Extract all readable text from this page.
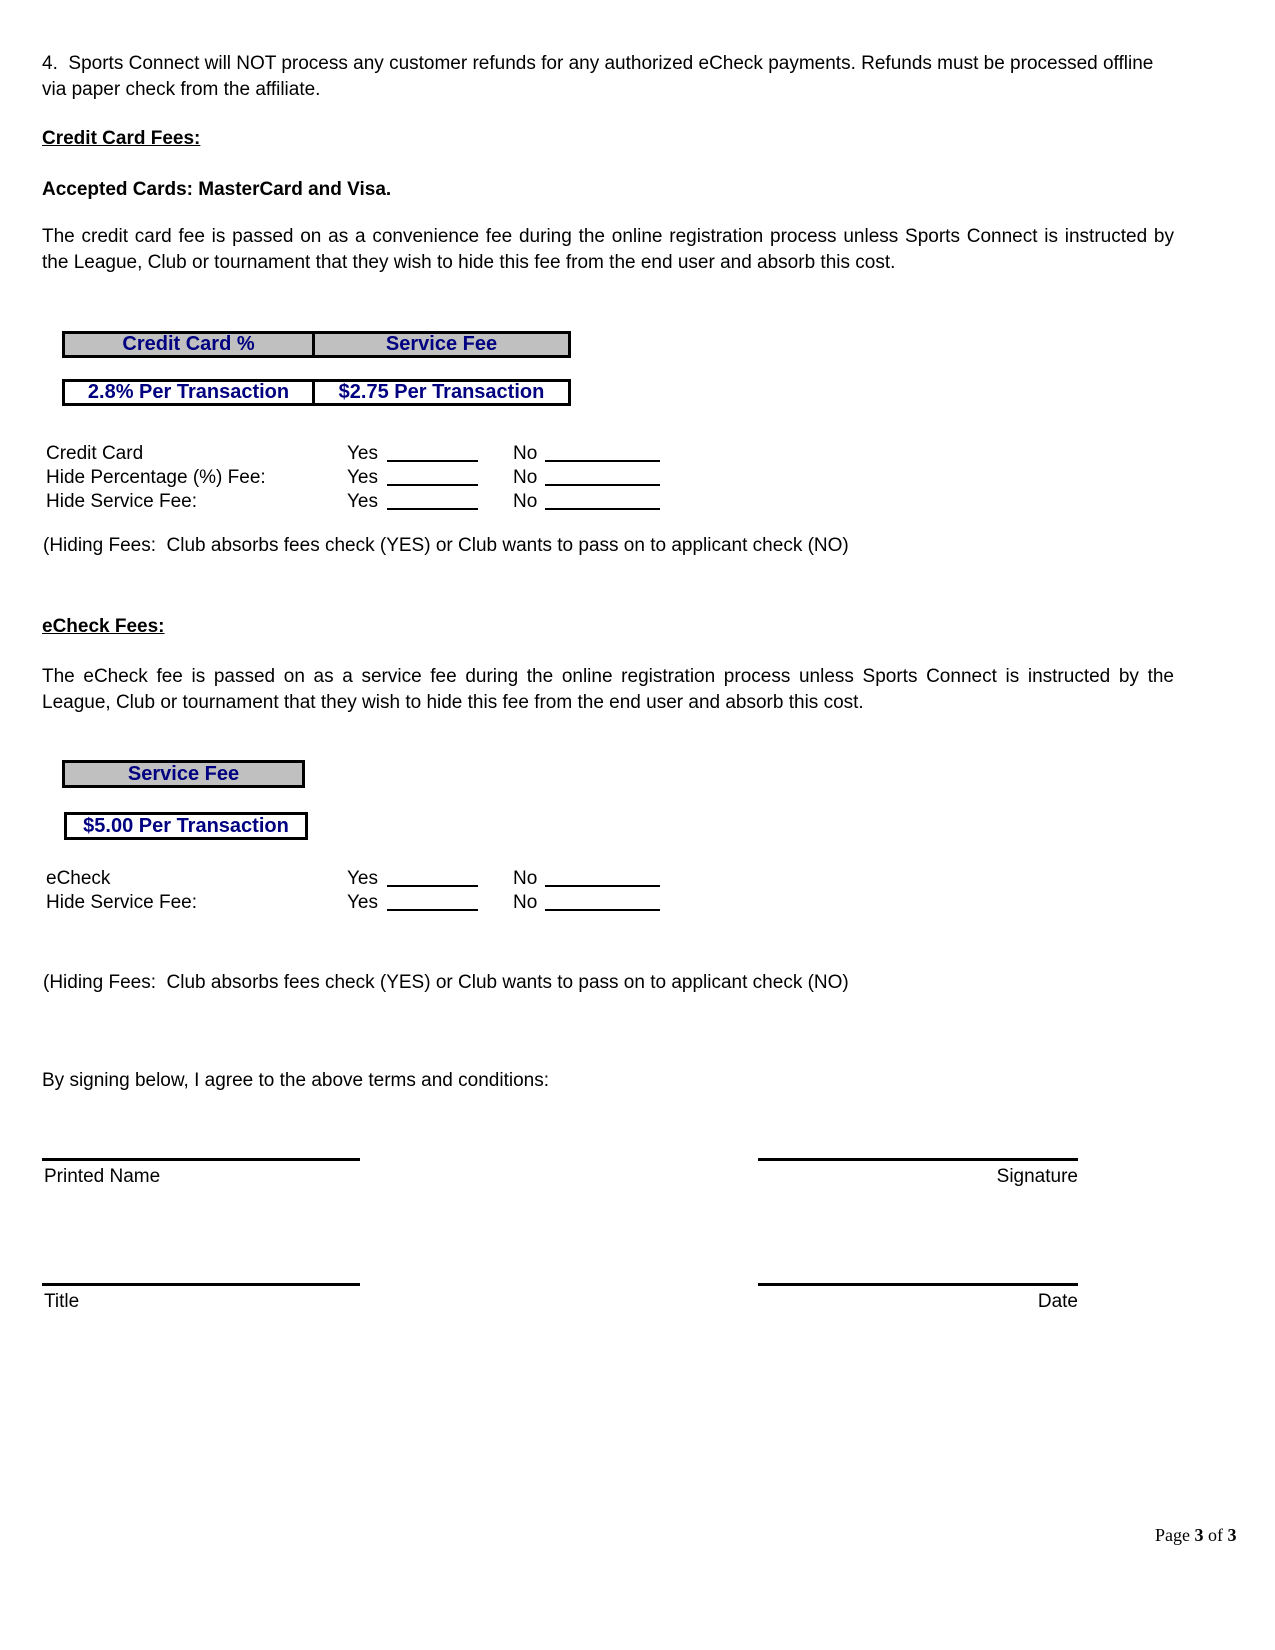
4.  Sports Connect will NOT process any customer refunds for any authorized eCheck payments. Refunds must be processed offline via paper check from the affiliate.
Credit Card Fees:
Accepted Cards: MasterCard and Visa.
The credit card fee is passed on as a convenience fee during the online registration process unless Sports Connect is instructed by the League, Club or tournament that they wish to hide this fee from the end user and absorb this cost.
Credit Card %	Service Fee
2.8% Per Transaction	$2.75 Per Transaction
Credit Card	Yes	No
Hide Percentage (%) Fee:	Yes	No
Hide Service Fee:	Yes	No
(Hiding Fees:  Club absorbs fees check (YES) or Club wants to pass on to applicant check (NO)
eCheck Fees:
The eCheck fee is passed on as a service fee during the online registration process unless Sports Connect is instructed by the League, Club or tournament that they wish to hide this fee from the end user and absorb this cost.
Service Fee
$5.00 Per Transaction
eCheck	Yes	No
Hide Service Fee:	Yes	No
(Hiding Fees:  Club absorbs fees check (YES) or Club wants to pass on to applicant check (NO)
By signing below, I agree to the above terms and conditions:
Printed Name	Signature
Title	Date
Page 3 of 3
